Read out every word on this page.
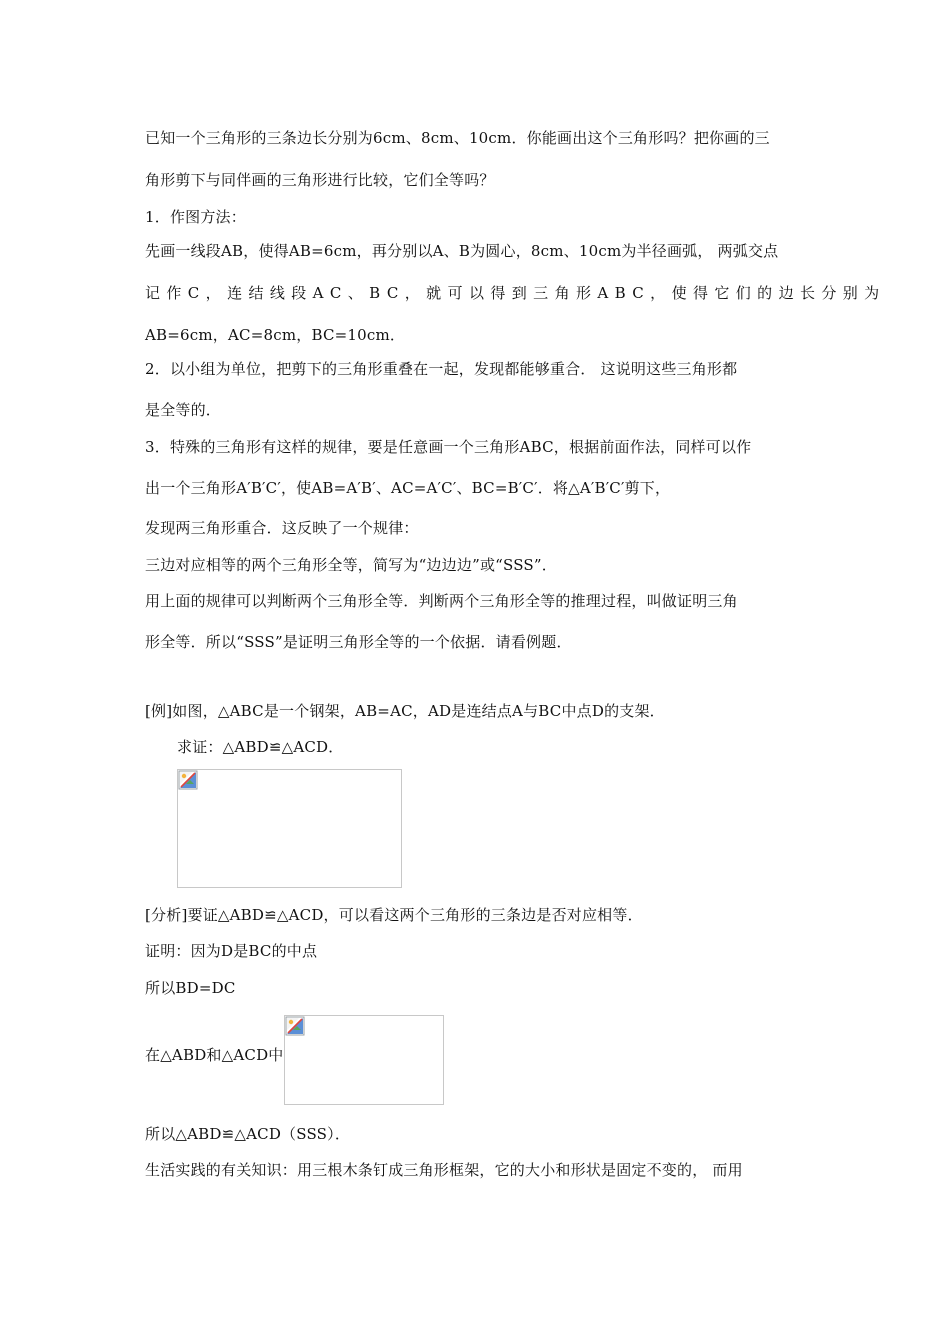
已知一个三角形的三条边长分别为6cm、8cm、10cm．你能画出这个三角形吗？把你画的三
角形剪下与同伴画的三角形进行比较，它们全等吗？
1．作图方法：
先画一线段AB，使得AB=6cm，再分别以A、B为圆心，8cm、10cm为半径画弧， 两弧交点
记作C，连结线段AC、BC，就可以得到三角形ABC，使得它们的边长分别为
AB=6cm，AC=8cm，BC=10cm．
2．以小组为单位，把剪下的三角形重叠在一起，发现都能够重合． 这说明这些三角形都
是全等的．
3．特殊的三角形有这样的规律，要是任意画一个三角形ABC，根据前面作法，同样可以作
出一个三角形A′B′C′，使AB=A′B′、AC=A′C′、BC=B′C′．将△A′B′C′剪下，
发现两三角形重合．这反映了一个规律：
三边对应相等的两个三角形全等，简写为“边边边”或“SSS”．
用上面的规律可以判断两个三角形全等．判断两个三角形全等的推理过程，叫做证明三角
形全等．所以“SSS”是证明三角形全等的一个依据．请看例题．
[例]如图，△ABC是一个钢架，AB=AC，AD是连结点A与BC中点D的支架．
求证：△ABD≌△ACD．
[分析]要证△ABD≌△ACD，可以看这两个三角形的三条边是否对应相等．
证明：因为D是BC的中点
所以BD=DC
在△ABD和△ACD中
所以△ABD≌△ACD（SSS）．
生活实践的有关知识：用三根木条钉成三角形框架，它的大小和形状是固定不变的， 而用
